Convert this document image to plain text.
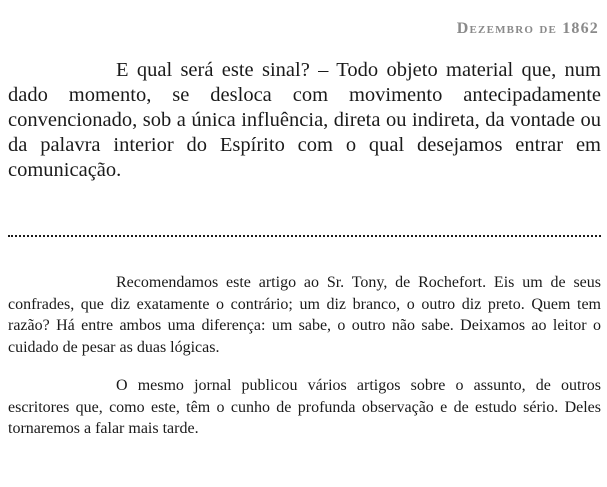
Dezembro de 1862

E qual será este sinal? – Todo objeto material que, num dado momento, se desloca com movimento antecipadamente convencionado, sob a única influência, direta ou indireta, da vontade ou da palavra interior do Espírito com o qual desejamos entrar em comunicação.

Recomendamos este artigo ao Sr. Tony, de Rochefort. Eis um de seus confrades, que diz exatamente o contrário; um diz branco, o outro diz preto. Quem tem razão? Há entre ambos uma diferença: um sabe, o outro não sabe. Deixamos ao leitor o cuidado de pesar as duas lógicas.

O mesmo jornal publicou vários artigos sobre o assunto, de outros escritores que, como este, têm o cunho de profunda observação e de estudo sério. Deles tornaremos a falar mais tarde.
